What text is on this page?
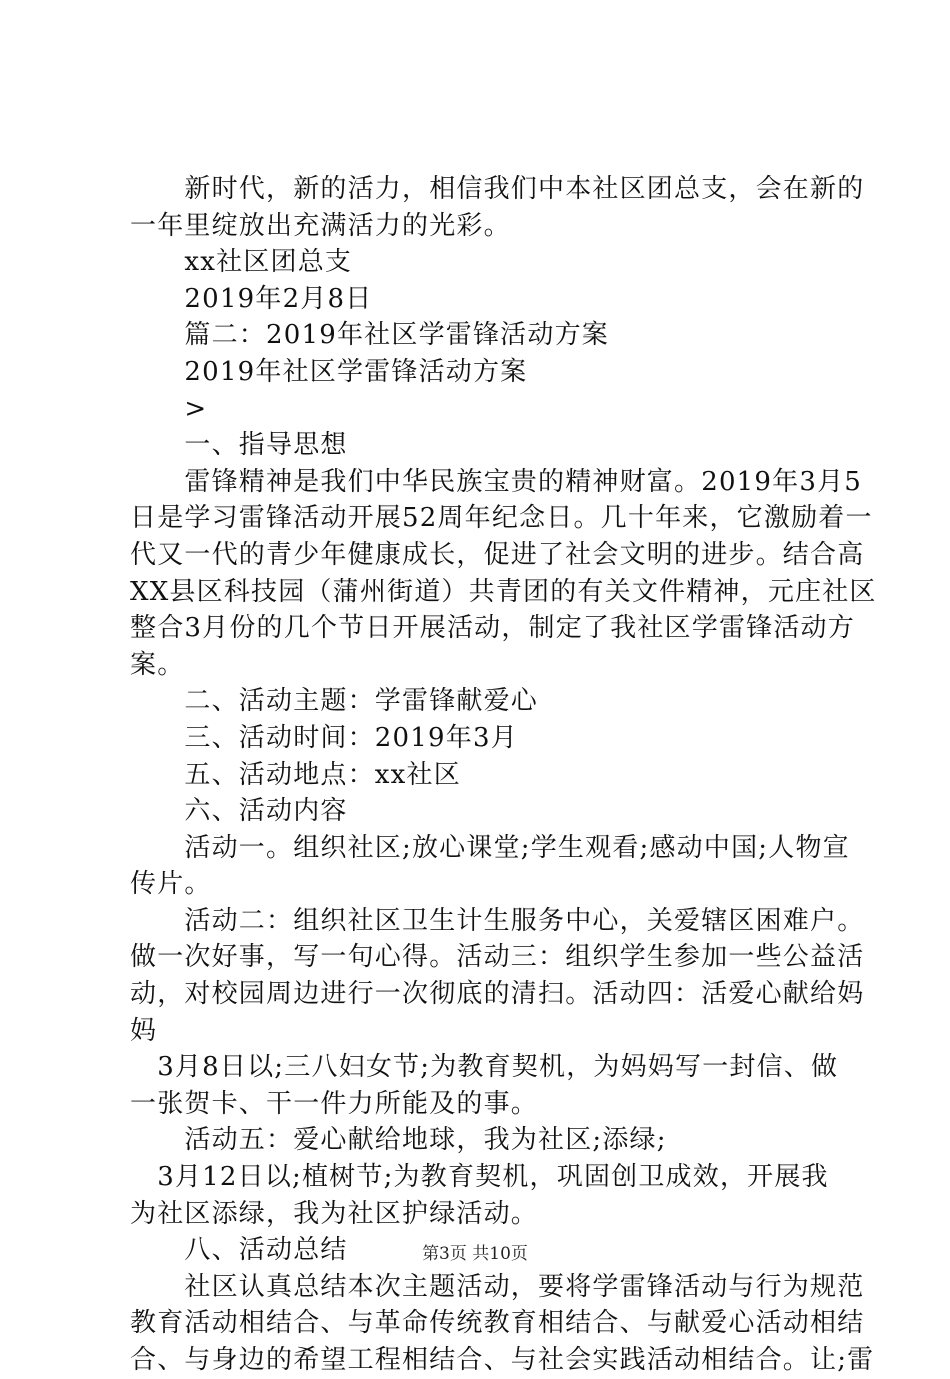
　　新时代，新的活力，相信我们中本社区团总支，会在新的
一年里绽放出充满活力的光彩。
　　xx社区团总支
　　2019年2月8日
　　篇二：2019年社区学雷锋活动方案
　　2019年社区学雷锋活动方案
　　>
　　一、指导思想
　　雷锋精神是我们中华民族宝贵的精神财富。2019年3月5
日是学习雷锋活动开展52周年纪念日。几十年来，它激励着一
代又一代的青少年健康成长，促进了社会文明的进步。结合高
XX县区科技园（蒲州街道）共青团的有关文件精神，元庄社区
整合3月份的几个节日开展活动，制定了我社区学雷锋活动方
案。
　　二、活动主题：学雷锋献爱心
　　三、活动时间：2019年3月
　　五、活动地点：xx社区
　　六、活动内容
　　活动一。组织社区;放心课堂;学生观看;感动中国;人物宣
传片。
　　活动二：组织社区卫生计生服务中心，关爱辖区困难户。
做一次好事，写一句心得。活动三：组织学生参加一些公益活
动，对校园周边进行一次彻底的清扫。活动四：活爱心献给妈
妈
　3月8日以;三八妇女节;为教育契机，为妈妈写一封信、做
一张贺卡、干一件力所能及的事。
　　活动五：爱心献给地球，我为社区;添绿;
　3月12日以;植树节;为教育契机，巩固创卫成效，开展我
为社区添绿，我为社区护绿活动。
　　八、活动总结
　　社区认真总结本次主题活动，要将学雷锋活动与行为规范
教育活动相结合、与革命传统教育相结合、与献爱心活动相结
合、与身边的希望工程相结合、与社会实践活动相结合。让;雷
第3页 共10页
